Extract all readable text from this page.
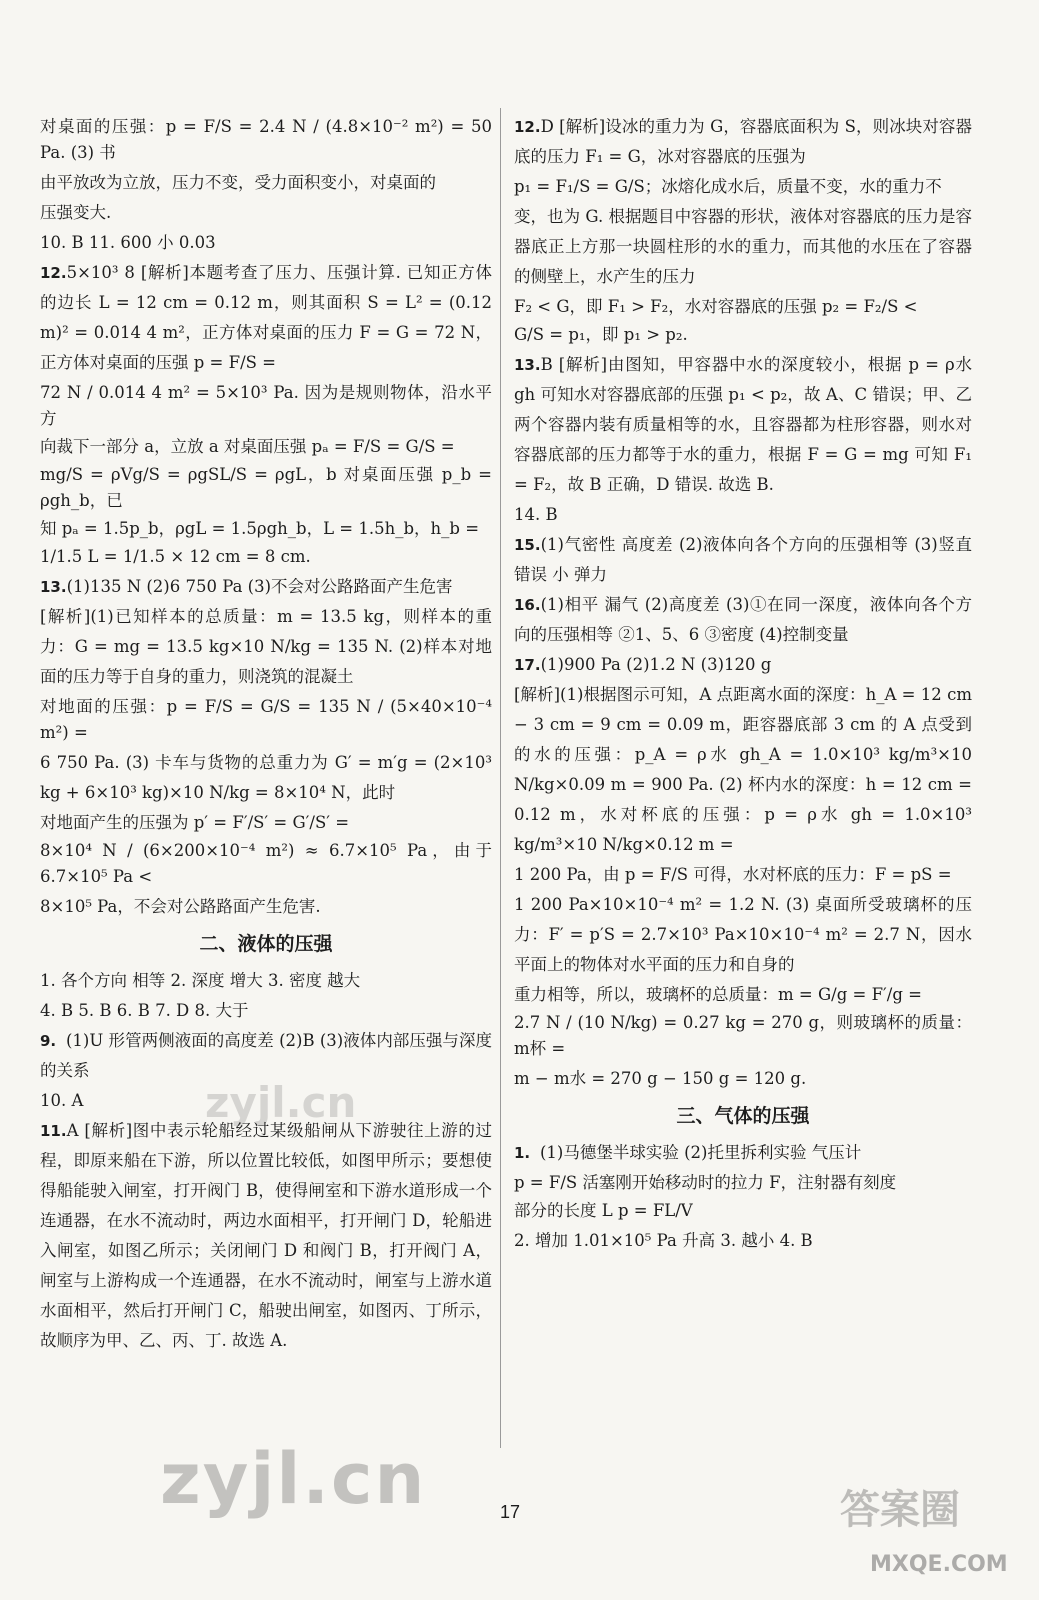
对桌面的压强：p = F/S = 2.4 N / (4.8×10⁻² m²) = 50 Pa. (3) 书

由平放改为立放，压力不变，受力面积变小，对桌面的

压强变大.

10. B 11. 600 小 0.03

12.5×10³ 8 [解析]本题考查了压力、压强计算. 已知正方体的边长 L = 12 cm = 0.12 m，则其面积 S = L² = (0.12 m)² = 0.014 4 m²，正方体对桌面的压力 F = G = 72 N，正方体对桌面的压强 p = F/S =

72 N / 0.014 4 m² = 5×10³ Pa. 因为是规则物体，沿水平方

向裁下一部分 a，立放 a 对桌面压强 pₐ = F/S = G/S =

mg/S = ρVg/S = ρgSL/S = ρgL，b 对桌面压强 p_b = ρgh_b，已

知 pₐ = 1.5p_b，ρgL = 1.5ρgh_b，L = 1.5h_b，h_b =

1/1.5 L = 1/1.5 × 12 cm = 8 cm.

13.(1)135 N (2)6 750 Pa (3)不会对公路路面产生危害

[解析](1)已知样本的总质量：m = 13.5 kg，则样本的重力：G = mg = 13.5 kg×10 N/kg = 135 N. (2)样本对地面的压力等于自身的重力，则浇筑的混凝土

对地面的压强：p = F/S = G/S = 135 N / (5×40×10⁻⁴ m²) =

6 750 Pa. (3) 卡车与货物的总重力为 G′ = m′g = (2×10³ kg + 6×10³ kg)×10 N/kg = 8×10⁴ N，此时

对地面产生的压强为 p′ = F′/S′ = G′/S′ =

8×10⁴ N / (6×200×10⁻⁴ m²) ≈ 6.7×10⁵ Pa，由于 6.7×10⁵ Pa <

8×10⁵ Pa，不会对公路路面产生危害.

二、液体的压强

1. 各个方向 相等 2. 深度 增大 3. 密度 越大

4. B 5. B 6. B 7. D 8. 大于

9. (1)U 形管两侧液面的高度差 (2)B (3)液体内部压强与深度的关系

10. A

11.A [解析]图中表示轮船经过某级船闸从下游驶往上游的过程，即原来船在下游，所以位置比较低，如图甲所示；要想使得船能驶入闸室，打开阀门 B，使得闸室和下游水道形成一个连通器，在水不流动时，两边水面相平，打开闸门 D，轮船进入闸室，如图乙所示；关闭闸门 D 和阀门 B，打开阀门 A，闸室与上游构成一个连通器，在水不流动时，闸室与上游水道水面相平，然后打开闸门 C，船驶出闸室，如图丙、丁所示，故顺序为甲、乙、丙、丁. 故选 A.

12.D [解析]设冰的重力为 G，容器底面积为 S，则冰块对容器底的压力 F₁ = G，冰对容器底的压强为

p₁ = F₁/S = G/S；冰熔化成水后，质量不变，水的重力不

变，也为 G. 根据题目中容器的形状，液体对容器底的压力是容器底正上方那一块圆柱形的水的重力，而其他的水压在了容器的侧壁上，水产生的压力

F₂ < G，即 F₁ > F₂，水对容器底的压强 p₂ = F₂/S <

G/S = p₁，即 p₁ > p₂.

13.B [解析]由图知，甲容器中水的深度较小，根据 p = ρ水 gh 可知水对容器底部的压强 p₁ < p₂，故 A、C 错误；甲、乙两个容器内装有质量相等的水，且容器都为柱形容器，则水对容器底部的压力都等于水的重力，根据 F = G = mg 可知 F₁ = F₂，故 B 正确，D 错误. 故选 B.

14. B

15.(1)气密性 高度差 (2)液体向各个方向的压强相等 (3)竖直 错误 小 弹力

16.(1)相平 漏气 (2)高度差 (3)①在同一深度，液体向各个方向的压强相等 ②1、5、6 ③密度 (4)控制变量

17.(1)900 Pa (2)1.2 N (3)120 g

[解析](1)根据图示可知，A 点距离水面的深度：h_A = 12 cm − 3 cm = 9 cm = 0.09 m，距容器底部 3 cm 的 A 点受到的水的压强：p_A = ρ水 gh_A = 1.0×10³ kg/m³×10 N/kg×0.09 m = 900 Pa. (2) 杯内水的深度：h = 12 cm = 0.12 m，水对杯底的压强：p = ρ水 gh = 1.0×10³ kg/m³×10 N/kg×0.12 m =

1 200 Pa，由 p = F/S 可得，水对杯底的压力：F = pS =

1 200 Pa×10×10⁻⁴ m² = 1.2 N. (3) 桌面所受玻璃杯的压力：F′ = p′S = 2.7×10³ Pa×10×10⁻⁴ m² = 2.7 N，因水平面上的物体对水平面的压力和自身的

重力相等，所以，玻璃杯的总质量：m = G/g = F′/g =

2.7 N / (10 N/kg) = 0.27 kg = 270 g，则玻璃杯的质量：m杯 =

m − m水 = 270 g − 150 g = 120 g.

三、气体的压强

1. (1)马德堡半球实验 (2)托里拆利实验 气压计

p = F/S 活塞刚开始移动时的拉力 F，注射器有刻度

部分的长度 L p = FL/V

2. 增加 1.01×10⁵ Pa 升高 3. 越小 4. B

17
zyjl.cn
zyjl.cn	答案圈
MXQE.COM
